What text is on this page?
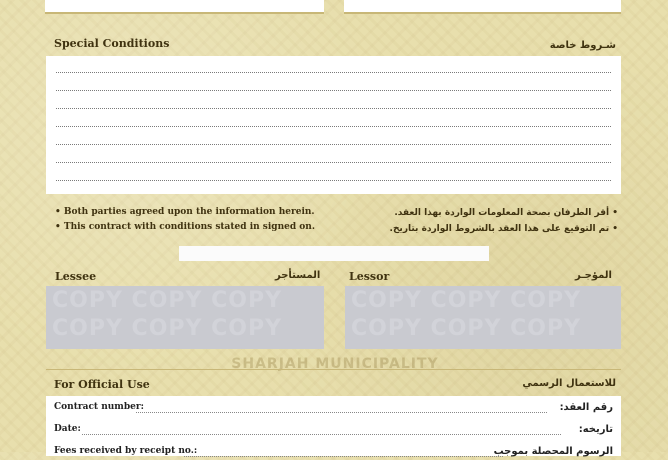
Special Conditions	شـروط خاصة
• Both parties agreed upon the information herein.
• This contract with conditions stated in signed on.
• أقر الطرفان بصحة المعلومات الواردة بهذا العقد.
• تم التوقيع على هذا العقد بالشروط الواردة بتاريخ.
Lessee	المستأجر	Lessor	المؤجـر
COPY COPY COPY
COPY COPY COPY
COPY COPY COPY
COPY COPY COPY
SHARJAH MUNICIPALITY
For Official Use	للاستعمال الرسمي
Contract number:	رقم العقد:
Date:	تاريخه:
Fees received by receipt no.:	الرسوم المحصلة بموجب
